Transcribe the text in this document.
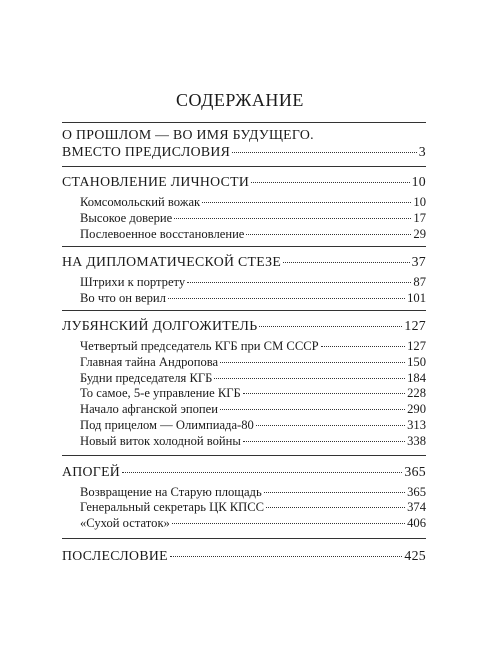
СОДЕРЖАНИЕ
О ПРОШЛОМ — ВО ИМЯ БУДУЩЕГО.
ВМЕСТО ПРЕДИСЛОВИЯ	3
СТАНОВЛЕНИЕ ЛИЧНОСТИ	10
Комсомольский вожак	10
Высокое доверие	17
Послевоенное восстановление	29
НА ДИПЛОМАТИЧЕСКОЙ СТЕЗЕ	37
Штрихи к портрету	87
Во что он верил	101
ЛУБЯНСКИЙ ДОЛГОЖИТЕЛЬ	127
Четвертый председатель КГБ при СМ СССР	127
Главная тайна Андропова	150
Будни председателя КГБ	184
То самое, 5-е управление КГБ	228
Начало афганской эпопеи	290
Под прицелом — Олимпиада-80	313
Новый виток холодной войны	338
АПОГЕЙ	365
Возвращение на Старую площадь	365
Генеральный секретарь ЦК КПСС	374
«Сухой остаток»	406
ПОСЛЕСЛОВИЕ	425
